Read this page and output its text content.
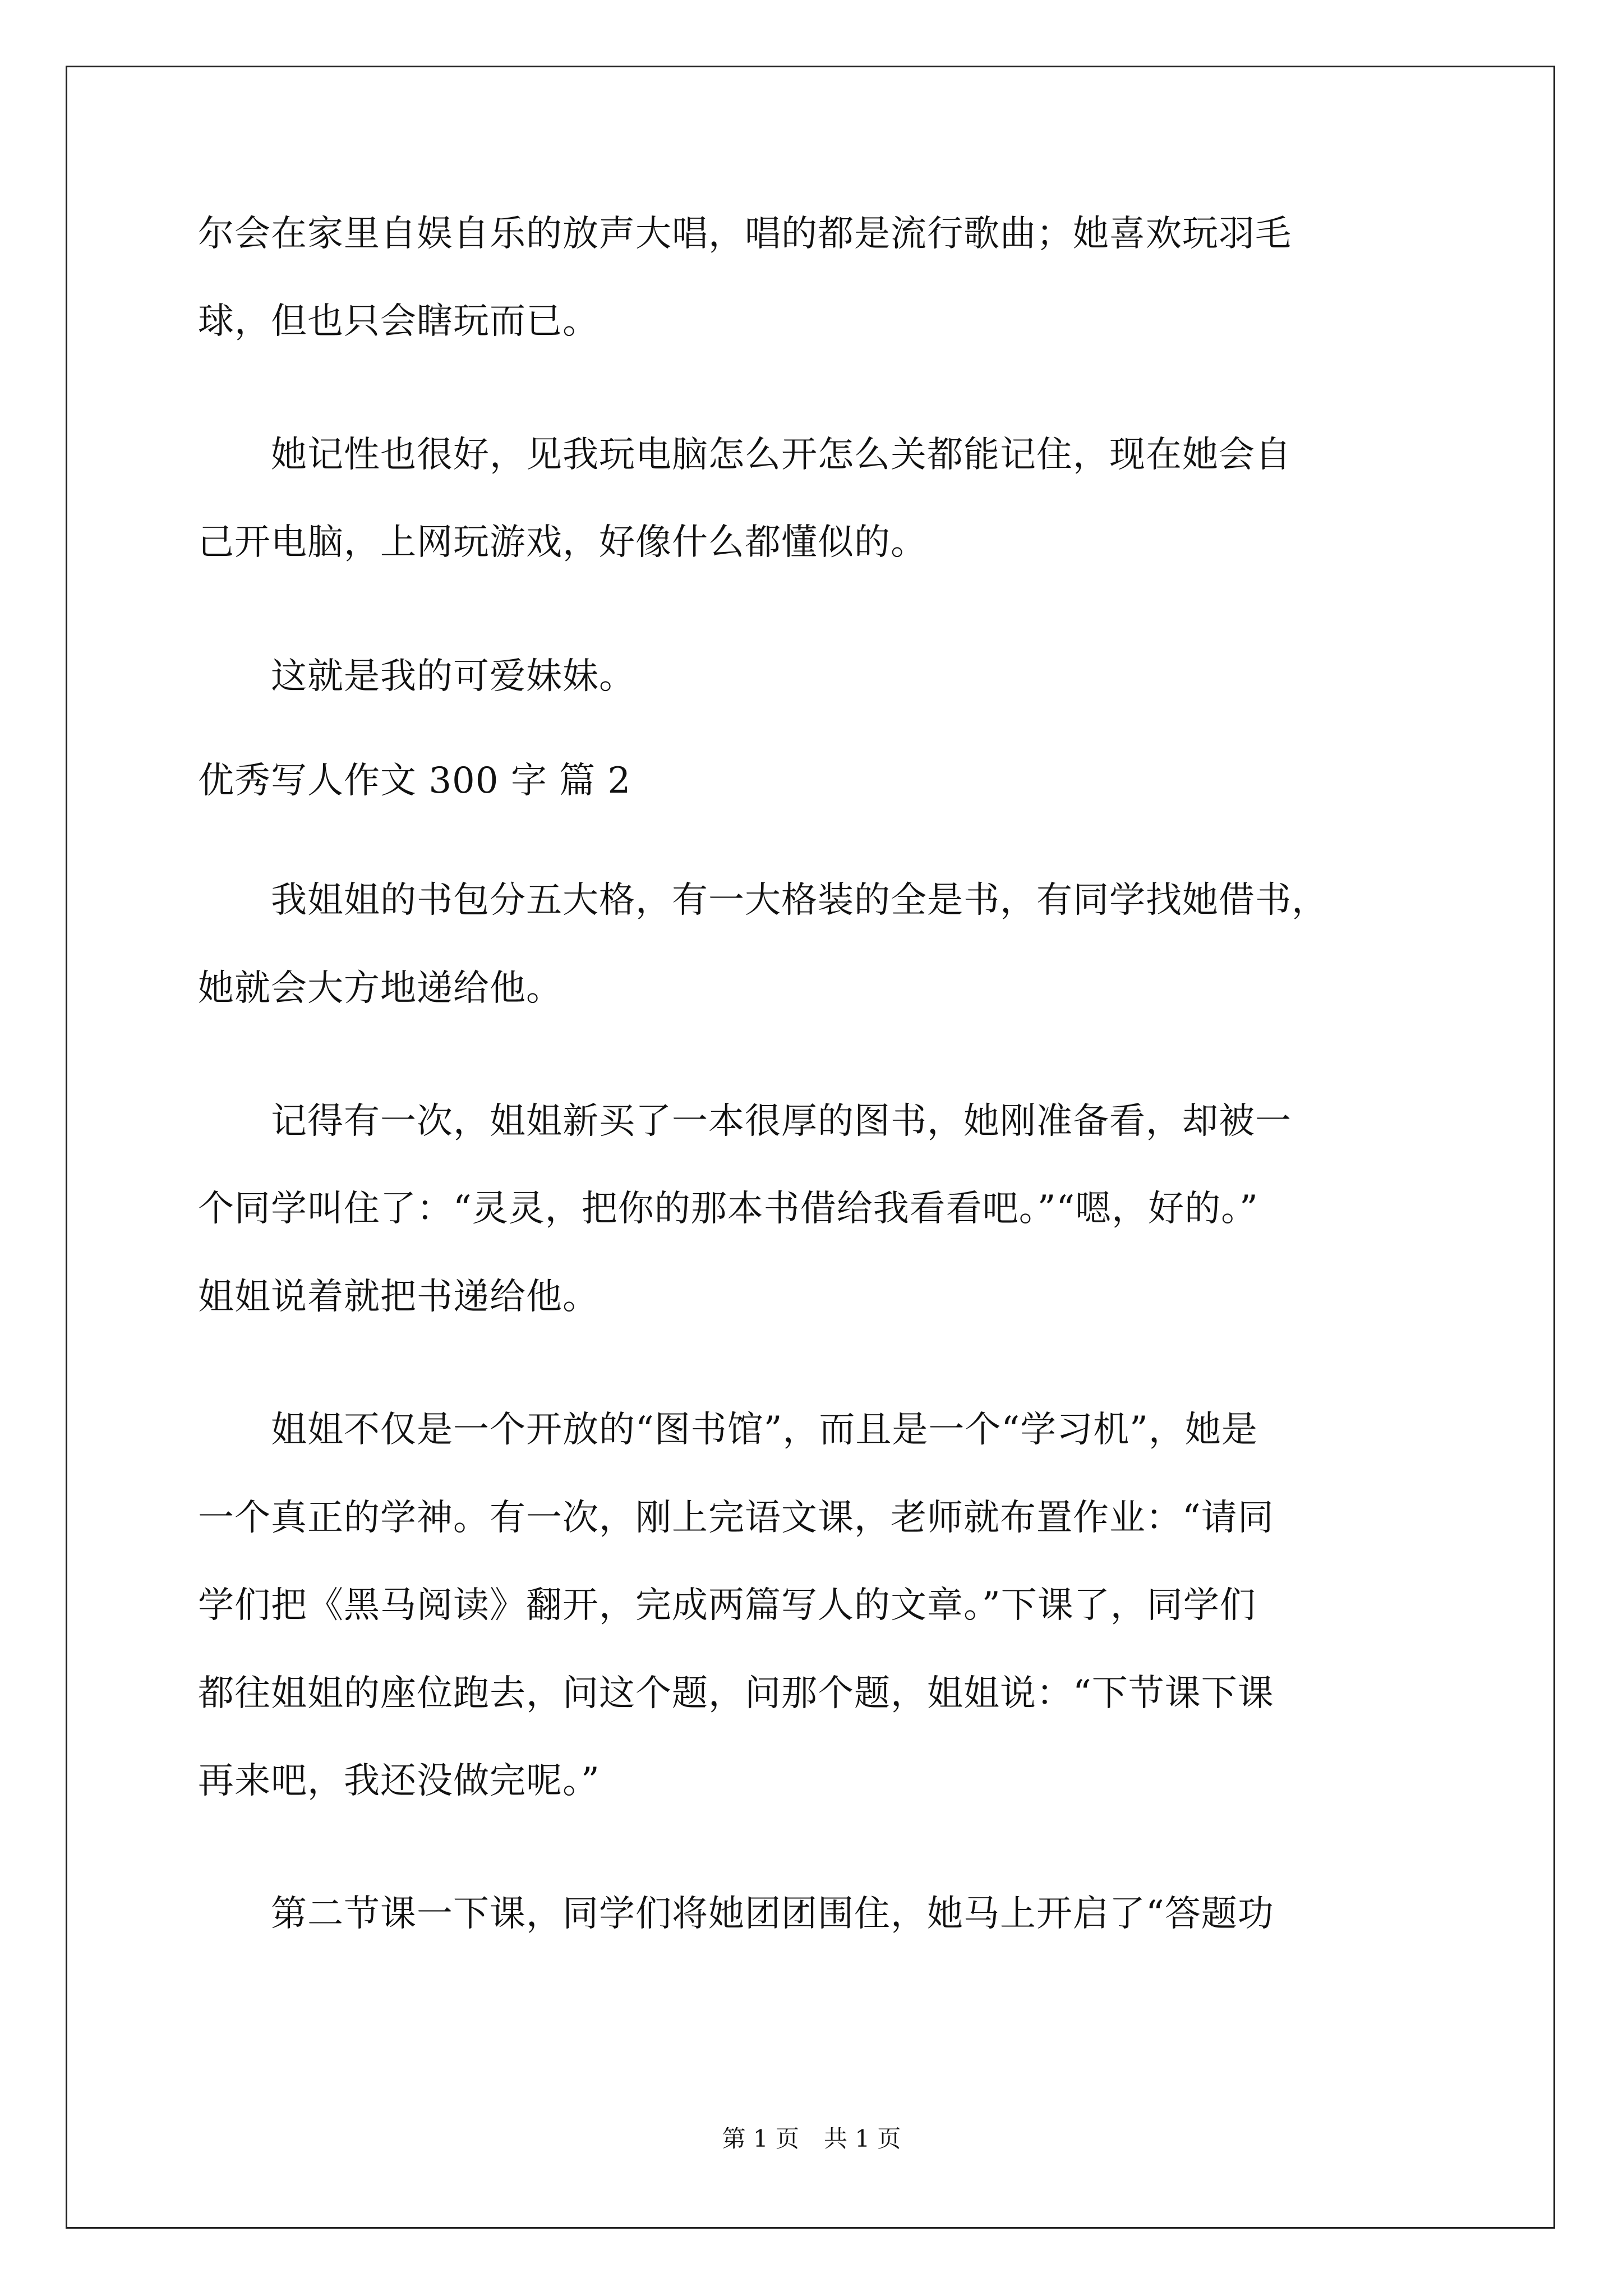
尔会在家里自娱自乐的放声大唱，唱的都是流行歌曲；她喜欢玩羽毛
球，但也只会瞎玩而已。
　　她记性也很好，见我玩电脑怎么开怎么关都能记住，现在她会自
己开电脑，上网玩游戏，好像什么都懂似的。
　　这就是我的可爱妹妹。
优秀写人作文 300 字 篇 2
　　我姐姐的书包分五大格，有一大格装的全是书，有同学找她借书，
她就会大方地递给他。
　　记得有一次，姐姐新买了一本很厚的图书，她刚准备看，却被一
个同学叫住了：“灵灵，把你的那本书借给我看看吧。”“嗯，好的。”
姐姐说着就把书递给他。
　　姐姐不仅是一个开放的“图书馆”，而且是一个“学习机”，她是
一个真正的学神。有一次，刚上完语文课，老师就布置作业：“请同
学们把《黑马阅读》翻开，完成两篇写人的文章。”下课了，同学们
都往姐姐的座位跑去，问这个题，问那个题，姐姐说：“下节课下课
再来吧，我还没做完呢。”
　　第二节课一下课，同学们将她团团围住，她马上开启了“答题功
第 1 页 共 1 页
